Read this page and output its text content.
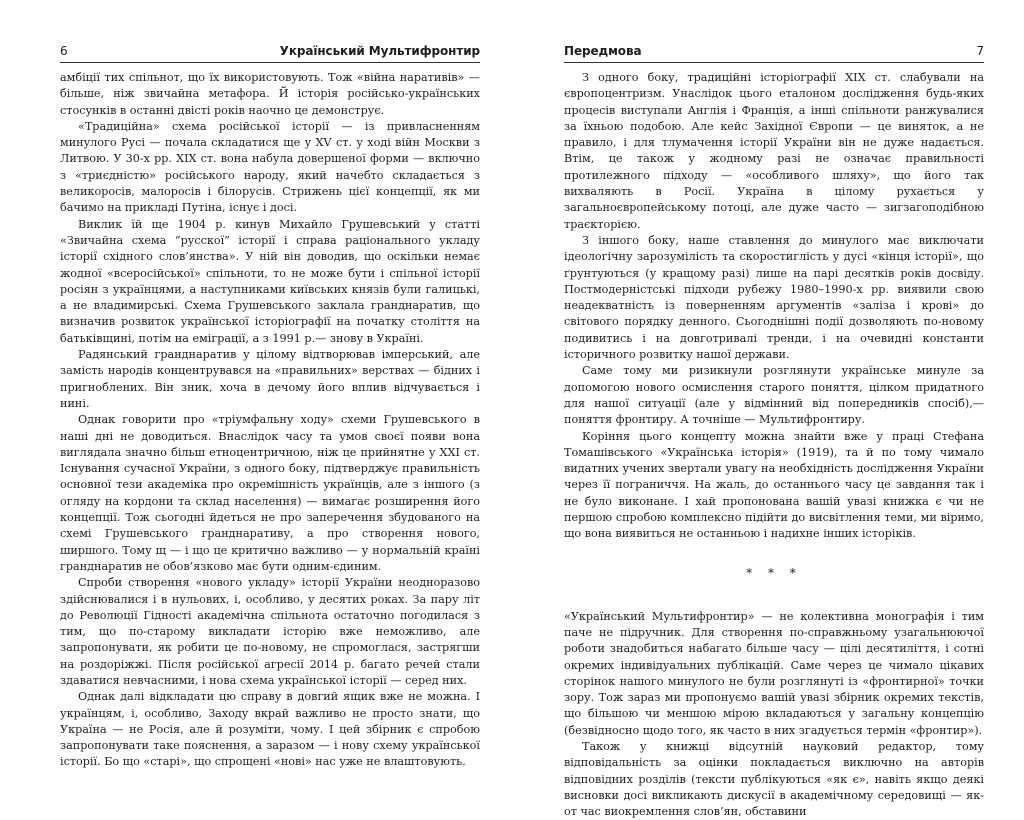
6	Український Мультифронтир

амбіції тих спільнот, що їх використовують. Тож «війна наративів» — більше, ніж звичайна метафора. Й історія російсько-українських стосунків в останні двісті років наочно це демонструє.

«Традиційна» схема російської історії — із привласненням минулого Русі — почала складатися ще у XV ст. у ході війн Москви з Литвою. У 30-х рр. XIX ст. вона набула довершеної форми — включно з «триєдністю» російського народу, який начебто складається з великоросів, малоросів і білорусів. Стрижень цієї концепції, як ми бачимо на прикладі Путіна, існує і досі.

Виклик їй ще 1904 р. кинув Михайло Грушевський у статті «Звичайна схема “русскої” історії і справа раціонального укладу історії східного слов’янства». У ній він доводив, що оскільки немає жодної «всеросійської» спільноти, то не може бути і спільної історії росіян з українцями, а наступниками київських князів були галицькі, а не владимирські. Схема Грушевського заклала гранднаратив, що визначив розвиток української історіографії на початку століття на батьківщині, потім на еміграції, а з 1991 р.— знову в Україні.

Радянський гранднаратив у цілому відтворював імперський, але замість народів концентрувався на «правильних» верствах — бідних і пригноблених. Він зник, хоча в дечому його вплив відчувається і нині.

Однак говорити про «тріумфальну ходу» схеми Грушевського в наші дні не доводиться. Внаслідок часу та умов своєї появи вона виглядала значно більш етноцентричною, ніж це прийнятне у XXI ст. Існування сучасної України, з одного боку, підтверджує правильність основної тези академіка про окремішність українців, але з іншого (з огляду на кордони та склад населення) — вимагає розширення його концепції. Тож сьогодні йдеться не про заперечення збудованого на схемі Грушевського гранднаративу, а про створення нового, ширшого. Тому щ — і що це критично важливо — у нормальній країні гранднаратив не обов’язково має бути одним-єдиним.

Спроби створення «нового укладу» історії України неодноразово здійснювалися і в нульових, і, особливо, у десятих роках. За пару літ до Революції Гідності академічна спільнота остаточно погодилася з тим, що по-старому викладати історію вже неможливо, але запропонувати, як робити це по-новому, не спромоглася, застрягши на роздоріжжі. Після російської агресії 2014 р. багато речей стали здаватися невчасними, і нова схема української історії — серед них.

Однак далі відкладати цю справу в довгий ящик вже не можна. І українцям, і, особливо, Заходу вкрай важливо не просто знати, що Україна — не Росія, але й розуміти, чому. І цей збірник є спробою запропонувати таке пояснення, а заразом — і нову схему української історії. Бо що «старі», що спрощені «нові» нас уже не влаштовують.

Передмова	7

З одного боку, традиційні історіографії XIX ст. слабували на європоцентризм. Унаслідок цього еталоном дослідження будь-яких процесів виступали Англія і Франція, а інші спільноти ранжувалися за їхньою подобою. Але кейс Західної Європи — це виняток, а не правило, і для тлумачення історії України він не дуже надається. Втім, це також у жодному разі не означає правильності протилежного підходу — «особливого шляху», що його так вихваляють в Росії. Україна в цілому рухається у загальноєвропейському потоці, але дуже часто — зигзагоподібною траєкторією.

З іншого боку, наше ставлення до минулого має виключати ідеологічну зарозумілість та скоростиглість у дусі «кінця історії», що ґрунтуються (у кращому разі) лише на парі десятків років досвіду. Постмодерністські підходи рубежу 1980–1990-х рр. виявили свою неадекватність із поверненням аргументів «заліза і крові» до світового порядку денного. Сьогоднішні події дозволяють по-новому подивитись і на довготривалі тренди, і на очевидні константи історичного розвитку нашої держави.

Саме тому ми ризикнули розглянути українське минуле за допомогою нового осмислення старого поняття, цілком придатного для нашої ситуації (але у відмінний від попередників спосіб),— поняття фронтиру. А точніше — Мультифронтиру.

Коріння цього концепту можна знайти вже у праці Стефана Томашівського «Українська історія» (1919), та й по тому чимало видатних учених звертали увагу на необхідність дослідження України через її пограниччя. На жаль, до останнього часу це завдання так і не було виконане. І хай пропонована вашій увазі книжка є чи не першою спробою комплексно підійти до висвітлення теми, ми віримо, що вона виявиться не останньою і надихне інших історіків.

* * *

«Український Мультифронтир» — не колективна монографія і тим паче не підручник. Для створення по-справжньому узагальнюючої роботи знадобиться набагато більше часу — цілі десятиліття, і сотні окремих індивідуальних публікацій. Саме через це чимало цікавих сторінок нашого минулого не були розглянуті із «фронтирної» точки зору. Тож зараз ми пропонуємо вашій увазі збірник окремих текстів, що більшою чи меншою мірою вкладаються у загальну концепцію (безвідносно щодо того, як часто в них згадується термін «фронтир»).

Також у книжці відсутній науковий редактор, тому відповідальність за оцінки покладається виключно на авторів відповідних розділів (тексти публікуються «як є», навіть якщо деякі висновки досі викликають дискусії в академічному середовищі — як-от час виокремлення слов’ян, обставини
